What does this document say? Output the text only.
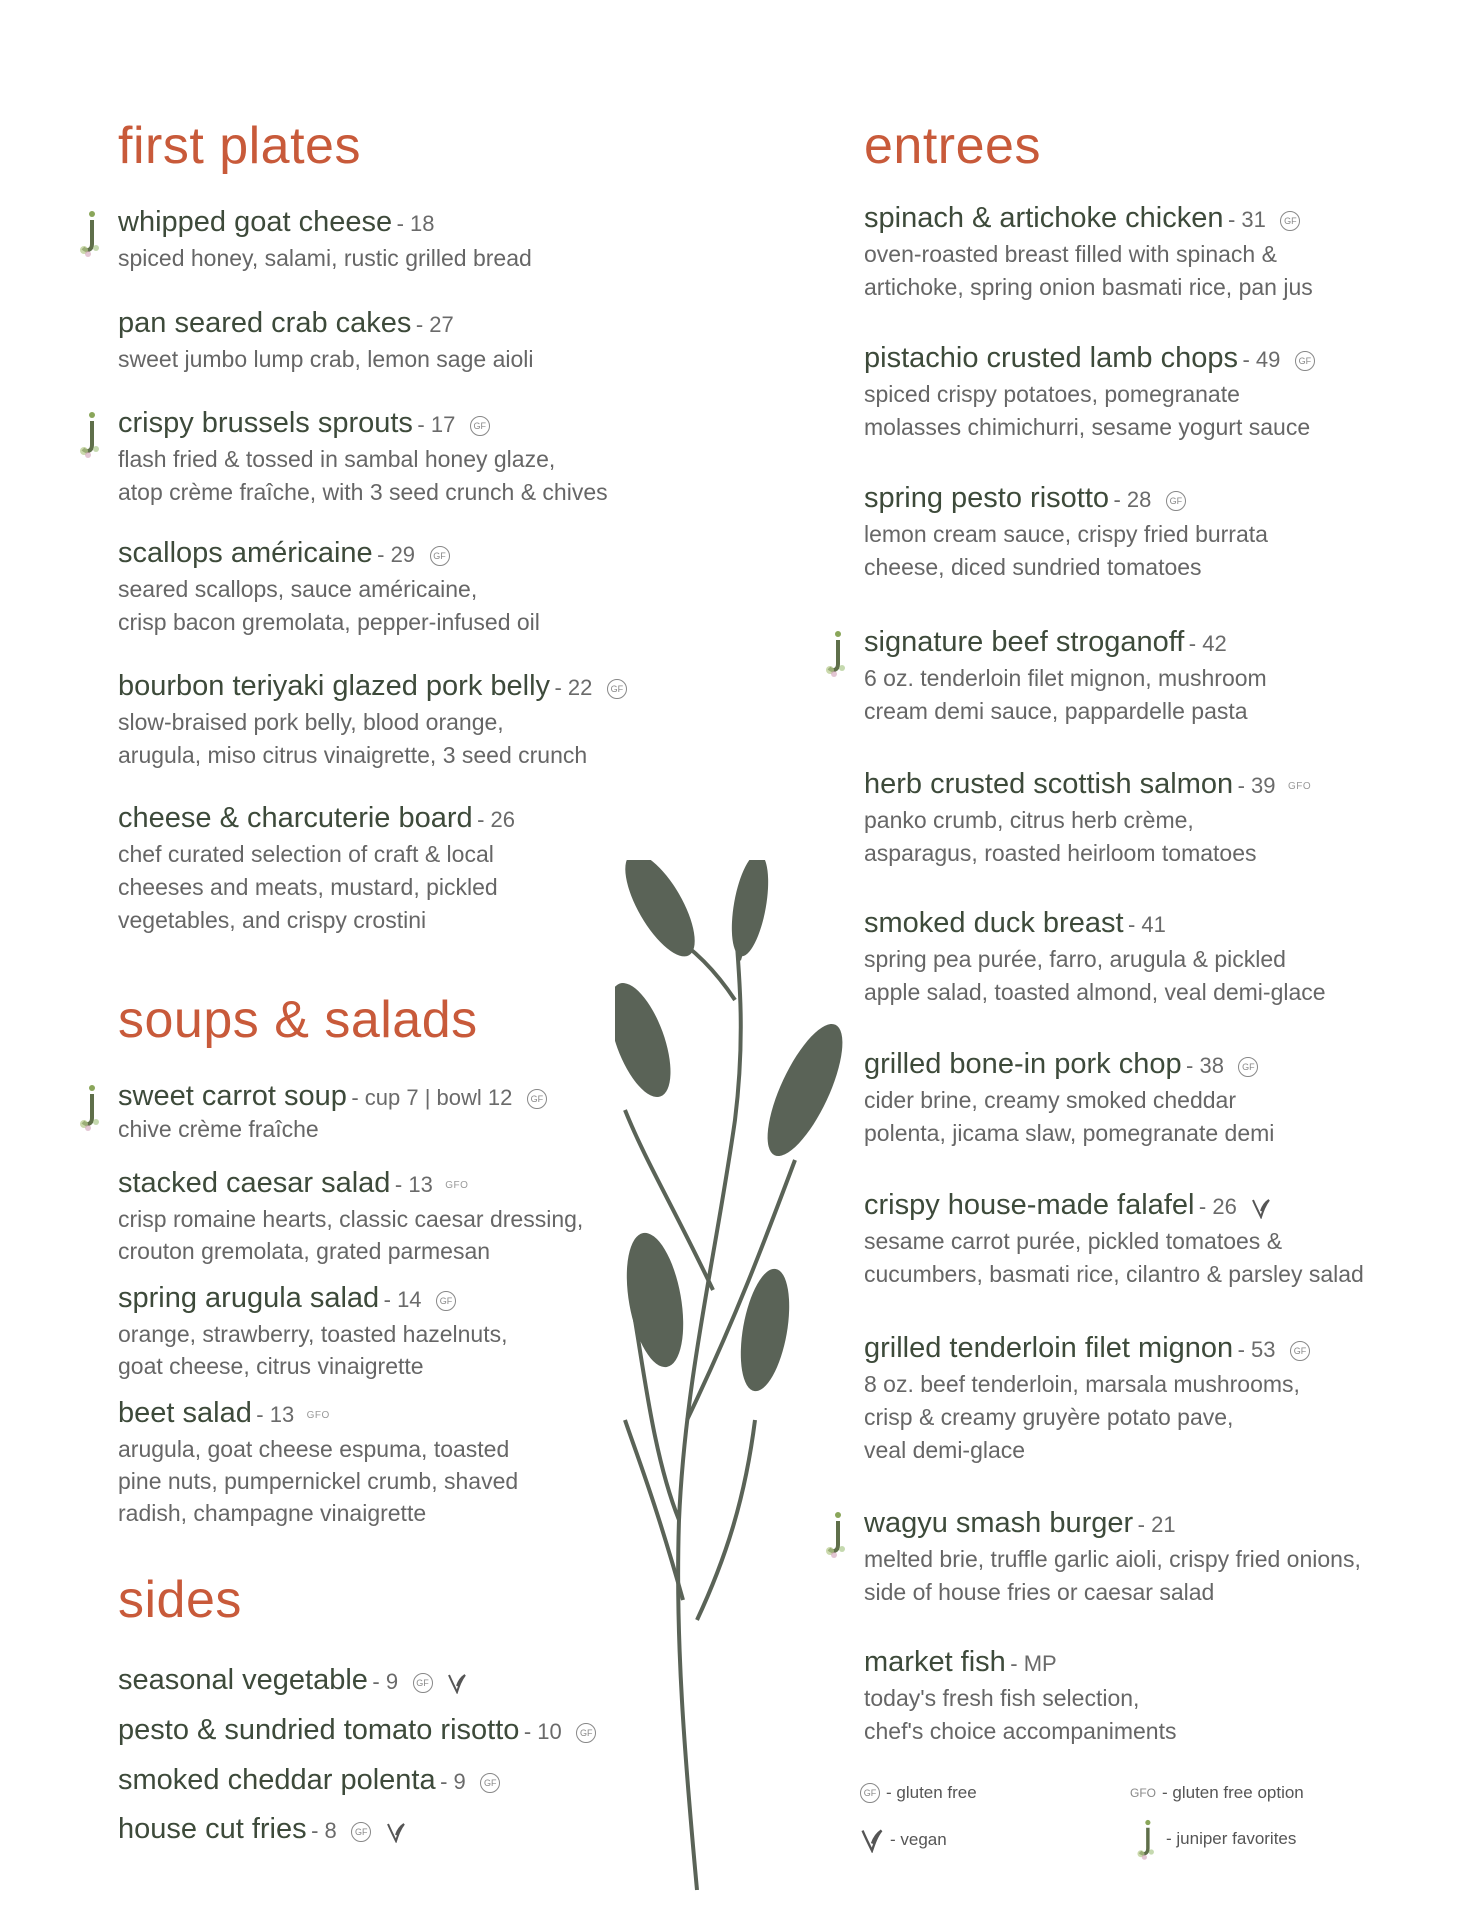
first plates
whipped goat cheese - 18
spiced honey, salami, rustic grilled bread
pan seared crab cakes - 27
sweet jumbo lump crab, lemon sage aioli
crispy brussels sprouts - 17 GF
flash fried & tossed in sambal honey glaze,
atop crème fraîche, with 3 seed crunch & chives
scallops américaine - 29 GF
seared scallops, sauce américaine,
crisp bacon gremolata, pepper-infused oil
bourbon teriyaki glazed pork belly - 22 GF
slow-braised pork belly, blood orange,
arugula, miso citrus vinaigrette, 3 seed crunch
cheese & charcuterie board - 26
chef curated selection of craft & local
cheeses and meats, mustard, pickled
vegetables, and crispy crostini
soups & salads
sweet carrot soup - cup 7 | bowl 12 GF
chive crème fraîche
stacked caesar salad - 13 GFO
crisp romaine hearts, classic caesar dressing,
crouton gremolata, grated parmesan
spring arugula salad - 14 GF
orange, strawberry, toasted hazelnuts,
goat cheese, citrus vinaigrette
beet salad - 13 GFO
arugula, goat cheese espuma, toasted
pine nuts, pumpernickel crumb, shaved
radish, champagne vinaigrette
sides
seasonal vegetable - 9 GF
pesto & sundried tomato risotto - 10 GF
smoked cheddar polenta - 9 GF
house cut fries - 8 GF
entrees
spinach & artichoke chicken - 31 GF
oven-roasted breast filled with spinach &
artichoke, spring onion basmati rice, pan jus
pistachio crusted lamb chops - 49 GF
spiced crispy potatoes, pomegranate
molasses chimichurri, sesame yogurt sauce
spring pesto risotto - 28 GF
lemon cream sauce, crispy fried burrata
cheese, diced sundried tomatoes
signature beef stroganoff - 42
6 oz. tenderloin filet mignon, mushroom
cream demi sauce, pappardelle pasta
herb crusted scottish salmon - 39 GFO
panko crumb, citrus herb crème,
asparagus, roasted heirloom tomatoes
smoked duck breast - 41
spring pea purée, farro, arugula & pickled
apple salad, toasted almond, veal demi-glace
grilled bone-in pork chop - 38 GF
cider brine, creamy smoked cheddar
polenta, jicama slaw, pomegranate demi
crispy house-made falafel - 26
sesame carrot purée, pickled tomatoes &
cucumbers, basmati rice, cilantro & parsley salad
grilled tenderloin filet mignon - 53 GF
8 oz. beef tenderloin, marsala mushrooms,
crisp & creamy gruyère potato pave,
veal demi-glace
wagyu smash burger - 21
melted brie, truffle garlic aioli, crispy fried onions,
side of house fries or caesar salad
market fish - MP
today's fresh fish selection,
chef's choice accompaniments
GF - gluten free	GFO - gluten free option
- vegan	- juniper favorites
